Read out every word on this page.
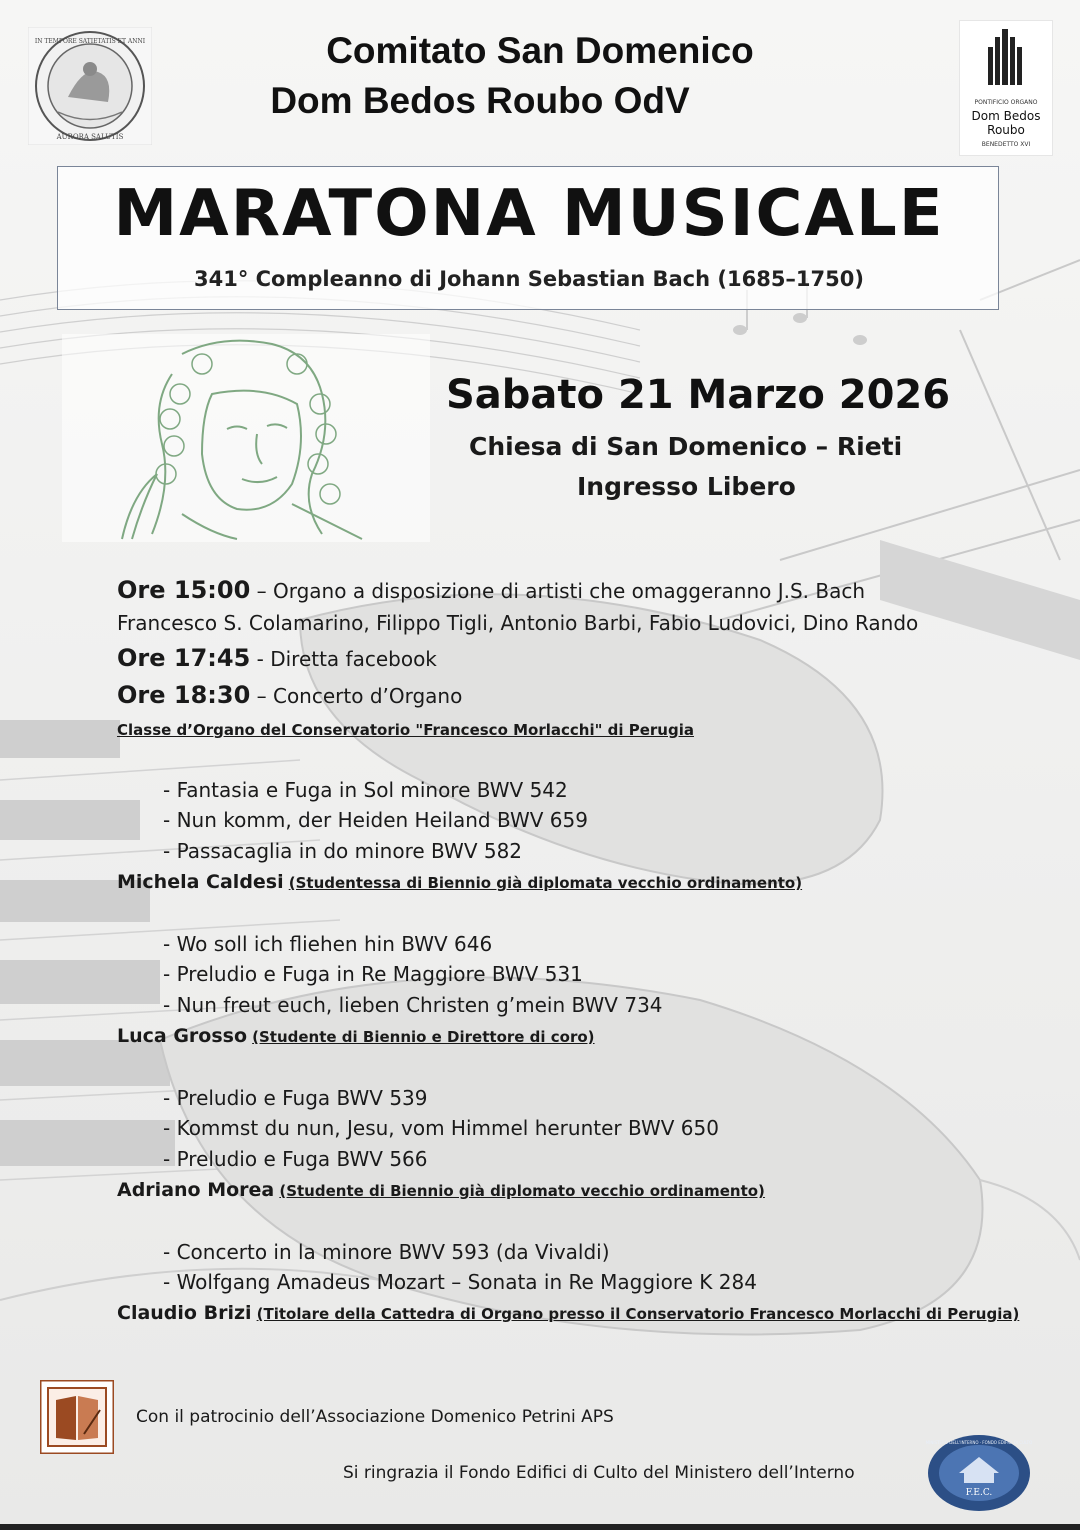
IN TEMPORE SATIETATIS ET ANNI
AURORA SALUTIS
Comitato San Domenico
Dom Bedos Roubo OdV	PONTIFICIO ORGANO
Dom Bedos
Roubo
BENEDETTO XVI
MARATONA MUSICALE
341° Compleanno di Johann Sebastian Bach (1685–1750)
Sabato 21 Marzo 2026
Chiesa di San Domenico – Rieti
Ingresso Libero
Ore 15:00 – Organo a disposizione di artisti che omaggeranno J.S. Bach
Francesco S. Colamarino, Filippo Tigli, Antonio Barbi, Fabio Ludovici, Dino Rando
Ore 17:45 - Diretta facebook
Ore 18:30 – Concerto d’Organo
Classe d’Organo del Conservatorio "Francesco Morlacchi" di Perugia
- Fantasia e Fuga in Sol minore BWV 542
- Nun komm, der Heiden Heiland BWV 659
- Passacaglia in do minore BWV 582
Michela Caldesi (Studentessa di Biennio già diplomata vecchio ordinamento)
- Wo soll ich fliehen hin BWV 646
- Preludio e Fuga in Re Maggiore BWV 531
- Nun freut euch, lieben Christen g’mein BWV 734
Luca Grosso (Studente di Biennio e Direttore di coro)
- Preludio e Fuga BWV 539
- Kommst du nun, Jesu, vom Himmel herunter BWV 650
- Preludio e Fuga BWV 566
Adriano Morea (Studente di Biennio già diplomato vecchio ordinamento)
- Concerto in la minore BWV 593 (da Vivaldi)
- Wolfgang Amadeus Mozart – Sonata in Re Maggiore K 284
Claudio Brizi (Titolare della Cattedra di Organo presso il Conservatorio Francesco Morlacchi di Perugia)
Con il patrocinio dell’Associazione Domenico Petrini APS
Si ringrazia il Fondo Edifici di Culto del Ministero dell’Interno
F.E.C.
MINISTERO DELL'INTERNO · FONDO EDIFICI DI CULTO
